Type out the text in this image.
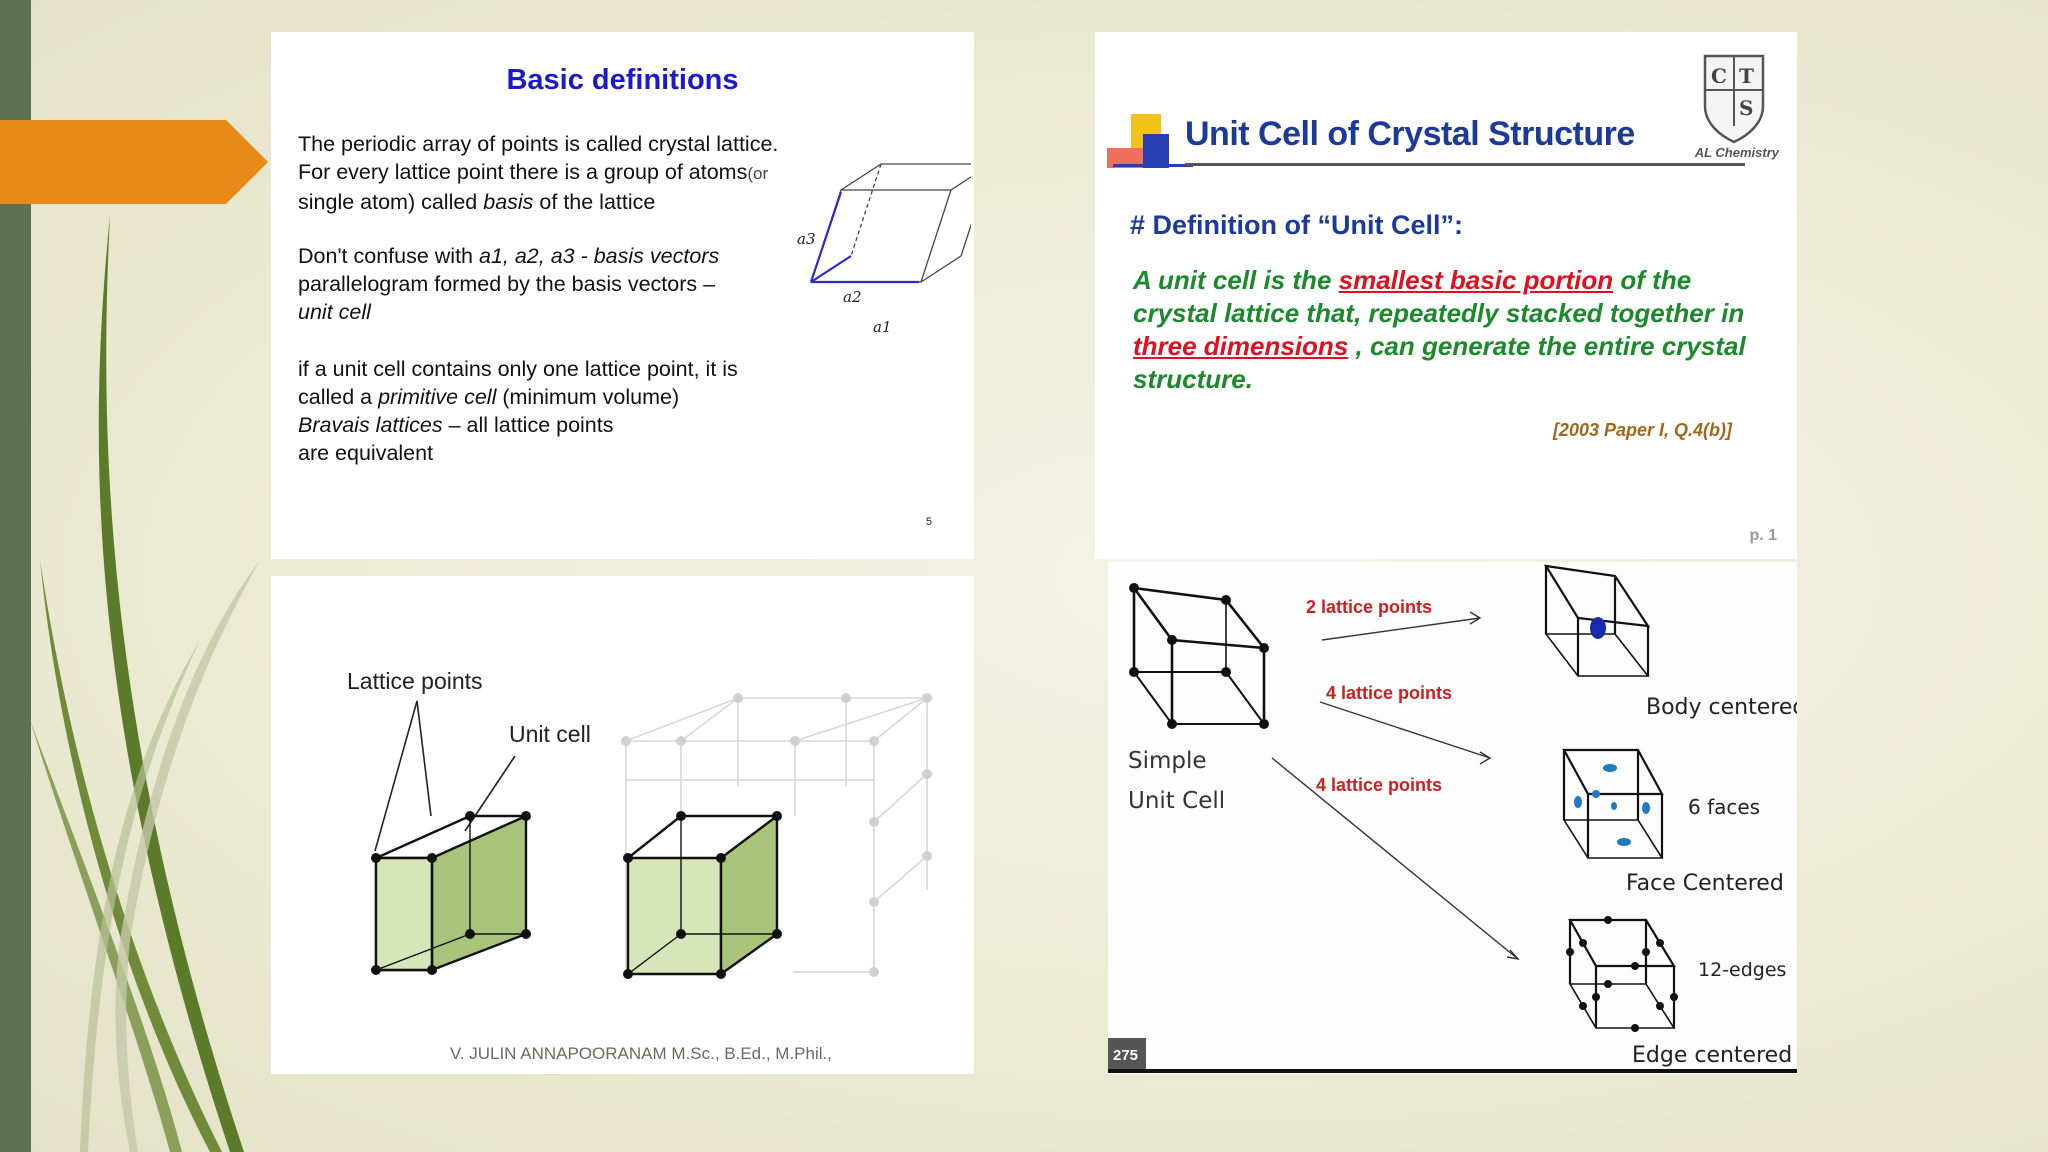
Basic definitions
The periodic array of points is called crystal lattice.
For every lattice point there is a group of atoms(or
single atom) called basis of the lattice
Don't confuse with a1, a2, a3 - basis vectors
parallelogram formed by the basis vectors –
unit cell
if a unit cell contains only one lattice point, it is
called a primitive cell (minimum volume)
Bravais lattices – all lattice points
are equivalent
a3
a2
a1
5
Lattice points
Unit cell
Unit Cell of Crystal Structure
C T
S
AL Chemistry
# Definition of “Unit Cell”:
A unit cell is the smallest basic portion of the crystal lattice that, repeatedly stacked together in three dimensions , can generate the entire crystal structure.
[2003 Paper I, Q.4(b)]
p. 1
Simple
Unit Cell
2 lattice points
4 lattice points
4 lattice points
Body centered
6 faces
Face Centered
12-edges
Edge centered
275
V. JULIN ANNAPOORANAM M.Sc., B.Ed., M.Phil.,
